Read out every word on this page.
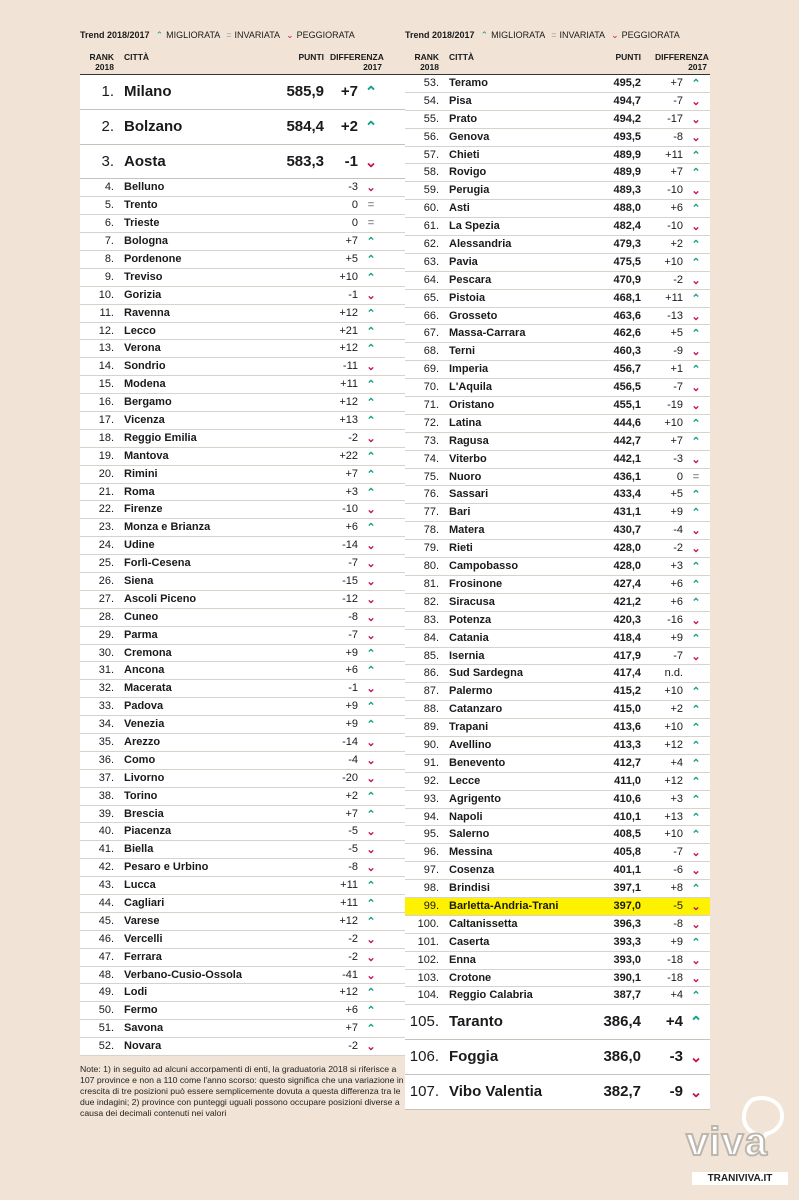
Trend 2018/2017 ⌃ MIGLIORATA = INVARIATA ⌄ PEGGIORATA
RANK
2018
CITTÀ	PUNTI DIFFERENZA
2017
1. Milano	585,9	+7 ⌃
2. Bolzano	584,4	+2 ⌃
3. Aosta	583,3	-1 ⌄
4. Belluno	-3 ⌄
5. Trento	0 =
6. Trieste	0 =
7. Bologna	+7 ⌃
8. Pordenone	+5 ⌃
9. Treviso	+10 ⌃
10. Gorizia	-1 ⌄
11. Ravenna	+12 ⌃
12. Lecco	+21 ⌃
13. Verona	+12 ⌃
14. Sondrio	-11 ⌄
15. Modena	+11 ⌃
16. Bergamo	+12 ⌃
17. Vicenza	+13 ⌃
18. Reggio Emilia	-2 ⌄
19. Mantova	+22 ⌃
20. Rimini	+7 ⌃
21. Roma	+3 ⌃
22. Firenze	-10 ⌄
23. Monza e Brianza	+6 ⌃
24. Udine	-14 ⌄
25. Forlì-Cesena	-7 ⌄
26. Siena	-15 ⌄
27. Ascoli Piceno	-12 ⌄
28. Cuneo	-8 ⌄
29. Parma	-7 ⌄
30. Cremona	+9 ⌃
31. Ancona	+6 ⌃
32. Macerata	-1 ⌄
33. Padova	+9 ⌃
34. Venezia	+9 ⌃
35. Arezzo	-14 ⌄
36. Como	-4 ⌄
37. Livorno	-20 ⌄
38. Torino	+2 ⌃
39. Brescia	+7 ⌃
40. Piacenza	-5 ⌄
41. Biella	-5 ⌄
42. Pesaro e Urbino	-8 ⌄
43. Lucca	+11 ⌃
44. Cagliari	+11 ⌃
45. Varese	+12 ⌃
46. Vercelli	-2 ⌄
47. Ferrara	-2 ⌄
48. Verbano-Cusio-Ossola	-41 ⌄
49. Lodi	+12 ⌃
50. Fermo	+6 ⌃
51. Savona	+7 ⌃
52. Novara	-2 ⌄
Note: 1) in seguito ad alcuni accorpamenti di enti, la graduatoria 2018 si riferisce a 107 province e non a 110 come l'anno scorso: questo significa che una variazione in crescita di tre posizioni può essere semplicemente dovuta a questa differenza tra le due indagini; 2) province con punteggi uguali possono occupare posizioni diverse a causa dei decimali contenuti nei valori
Trend 2018/2017 ⌃ MIGLIORATA = INVARIATA ⌄ PEGGIORATA
RANK
2018
CITTÀ	PUNTI DIFFERENZA
2017
53. Teramo	495,2	+7 ⌃
54. Pisa	494,7	-7 ⌄
55. Prato	494,2	-17 ⌄
56. Genova	493,5	-8 ⌄
57. Chieti	489,9	+11 ⌃
58. Rovigo	489,9	+7 ⌃
59. Perugia	489,3	-10 ⌄
60. Asti	488,0	+6 ⌃
61. La Spezia	482,4	-10 ⌄
62. Alessandria	479,3	+2 ⌃
63. Pavia	475,5	+10 ⌃
64. Pescara	470,9	-2 ⌄
65. Pistoia	468,1	+11 ⌃
66. Grosseto	463,6	-13 ⌄
67. Massa-Carrara	462,6	+5 ⌃
68. Terni	460,3	-9 ⌄
69. Imperia	456,7	+1 ⌃
70. L'Aquila	456,5	-7 ⌄
71. Oristano	455,1	-19 ⌄
72. Latina	444,6	+10 ⌃
73. Ragusa	442,7	+7 ⌃
74. Viterbo	442,1	-3 ⌄
75. Nuoro	436,1	0 =
76. Sassari	433,4	+5 ⌃
77. Bari	431,1	+9 ⌃
78. Matera	430,7	-4 ⌄
79. Rieti	428,0	-2 ⌄
80. Campobasso	428,0	+3 ⌃
81. Frosinone	427,4	+6 ⌃
82. Siracusa	421,2	+6 ⌃
83. Potenza	420,3	-16 ⌄
84. Catania	418,4	+9 ⌃
85. Isernia	417,9	-7 ⌄
86. Sud Sardegna	417,4	n.d.
87. Palermo	415,2	+10 ⌃
88. Catanzaro	415,0	+2 ⌃
89. Trapani	413,6	+10 ⌃
90. Avellino	413,3	+12 ⌃
91. Benevento	412,7	+4 ⌃
92. Lecce	411,0	+12 ⌃
93. Agrigento	410,6	+3 ⌃
94. Napoli	410,1	+13 ⌃
95. Salerno	408,5	+10 ⌃
96. Messina	405,8	-7 ⌄
97. Cosenza	401,1	-6 ⌄
98. Brindisi	397,1	+8 ⌃
99. Barletta-Andria-Trani	397,0	-5 ⌄
100. Caltanissetta	396,3	-8 ⌄
101. Caserta	393,3	+9 ⌃
102. Enna	393,0	-18 ⌄
103. Crotone	390,1	-18 ⌄
104. Reggio Calabria	387,7	+4 ⌃
105. Taranto	386,4	+4 ⌃
106. Foggia	386,0	-3 ⌄
107. Vibo Valentia	382,7	-9 ⌄
viva
TRANIVIVA.IT
